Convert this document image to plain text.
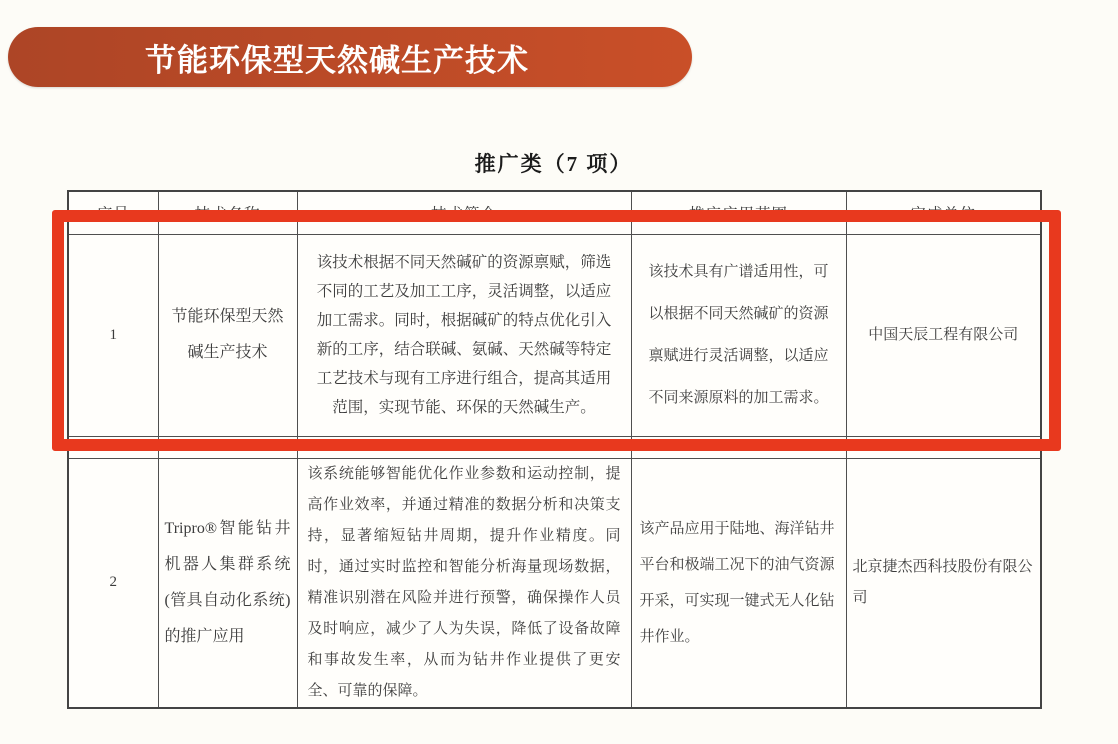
节能环保型天然碱生产技术
推广类（7 项）
序号	技术名称	技术简介	推广应用范围	完成单位
1	节能环保型天然碱生产技术	该技术根据不同天然碱矿的资源禀赋，筛选不同的工艺及加工工序，灵活调整，以适应加工需求。同时，根据碱矿的特点优化引入新的工序，结合联碱、氨碱、天然碱等特定工艺技术与现有工序进行组合，提高其适用范围，实现节能、环保的天然碱生产。	该技术具有广谱适用性，可以根据不同天然碱矿的资源禀赋进行灵活调整，以适应不同来源原料的加工需求。	中国天辰工程有限公司

2	Tripro®智能钻井机器人集群系统(管具自动化系统)的推广应用	该系统能够智能优化作业参数和运动控制，提高作业效率，并通过精准的数据分析和决策支持，显著缩短钻井周期，提升作业精度。同时，通过实时监控和智能分析海量现场数据，精准识别潜在风险并进行预警，确保操作人员及时响应，减少了人为失误，降低了设备故障和事故发生率，从而为钻井作业提供了更安全、可靠的保障。	该产品应用于陆地、海洋钻井平台和极端工况下的油气资源开采，可实现一键式无人化钻井作业。	北京捷杰西科技股份有限公司
